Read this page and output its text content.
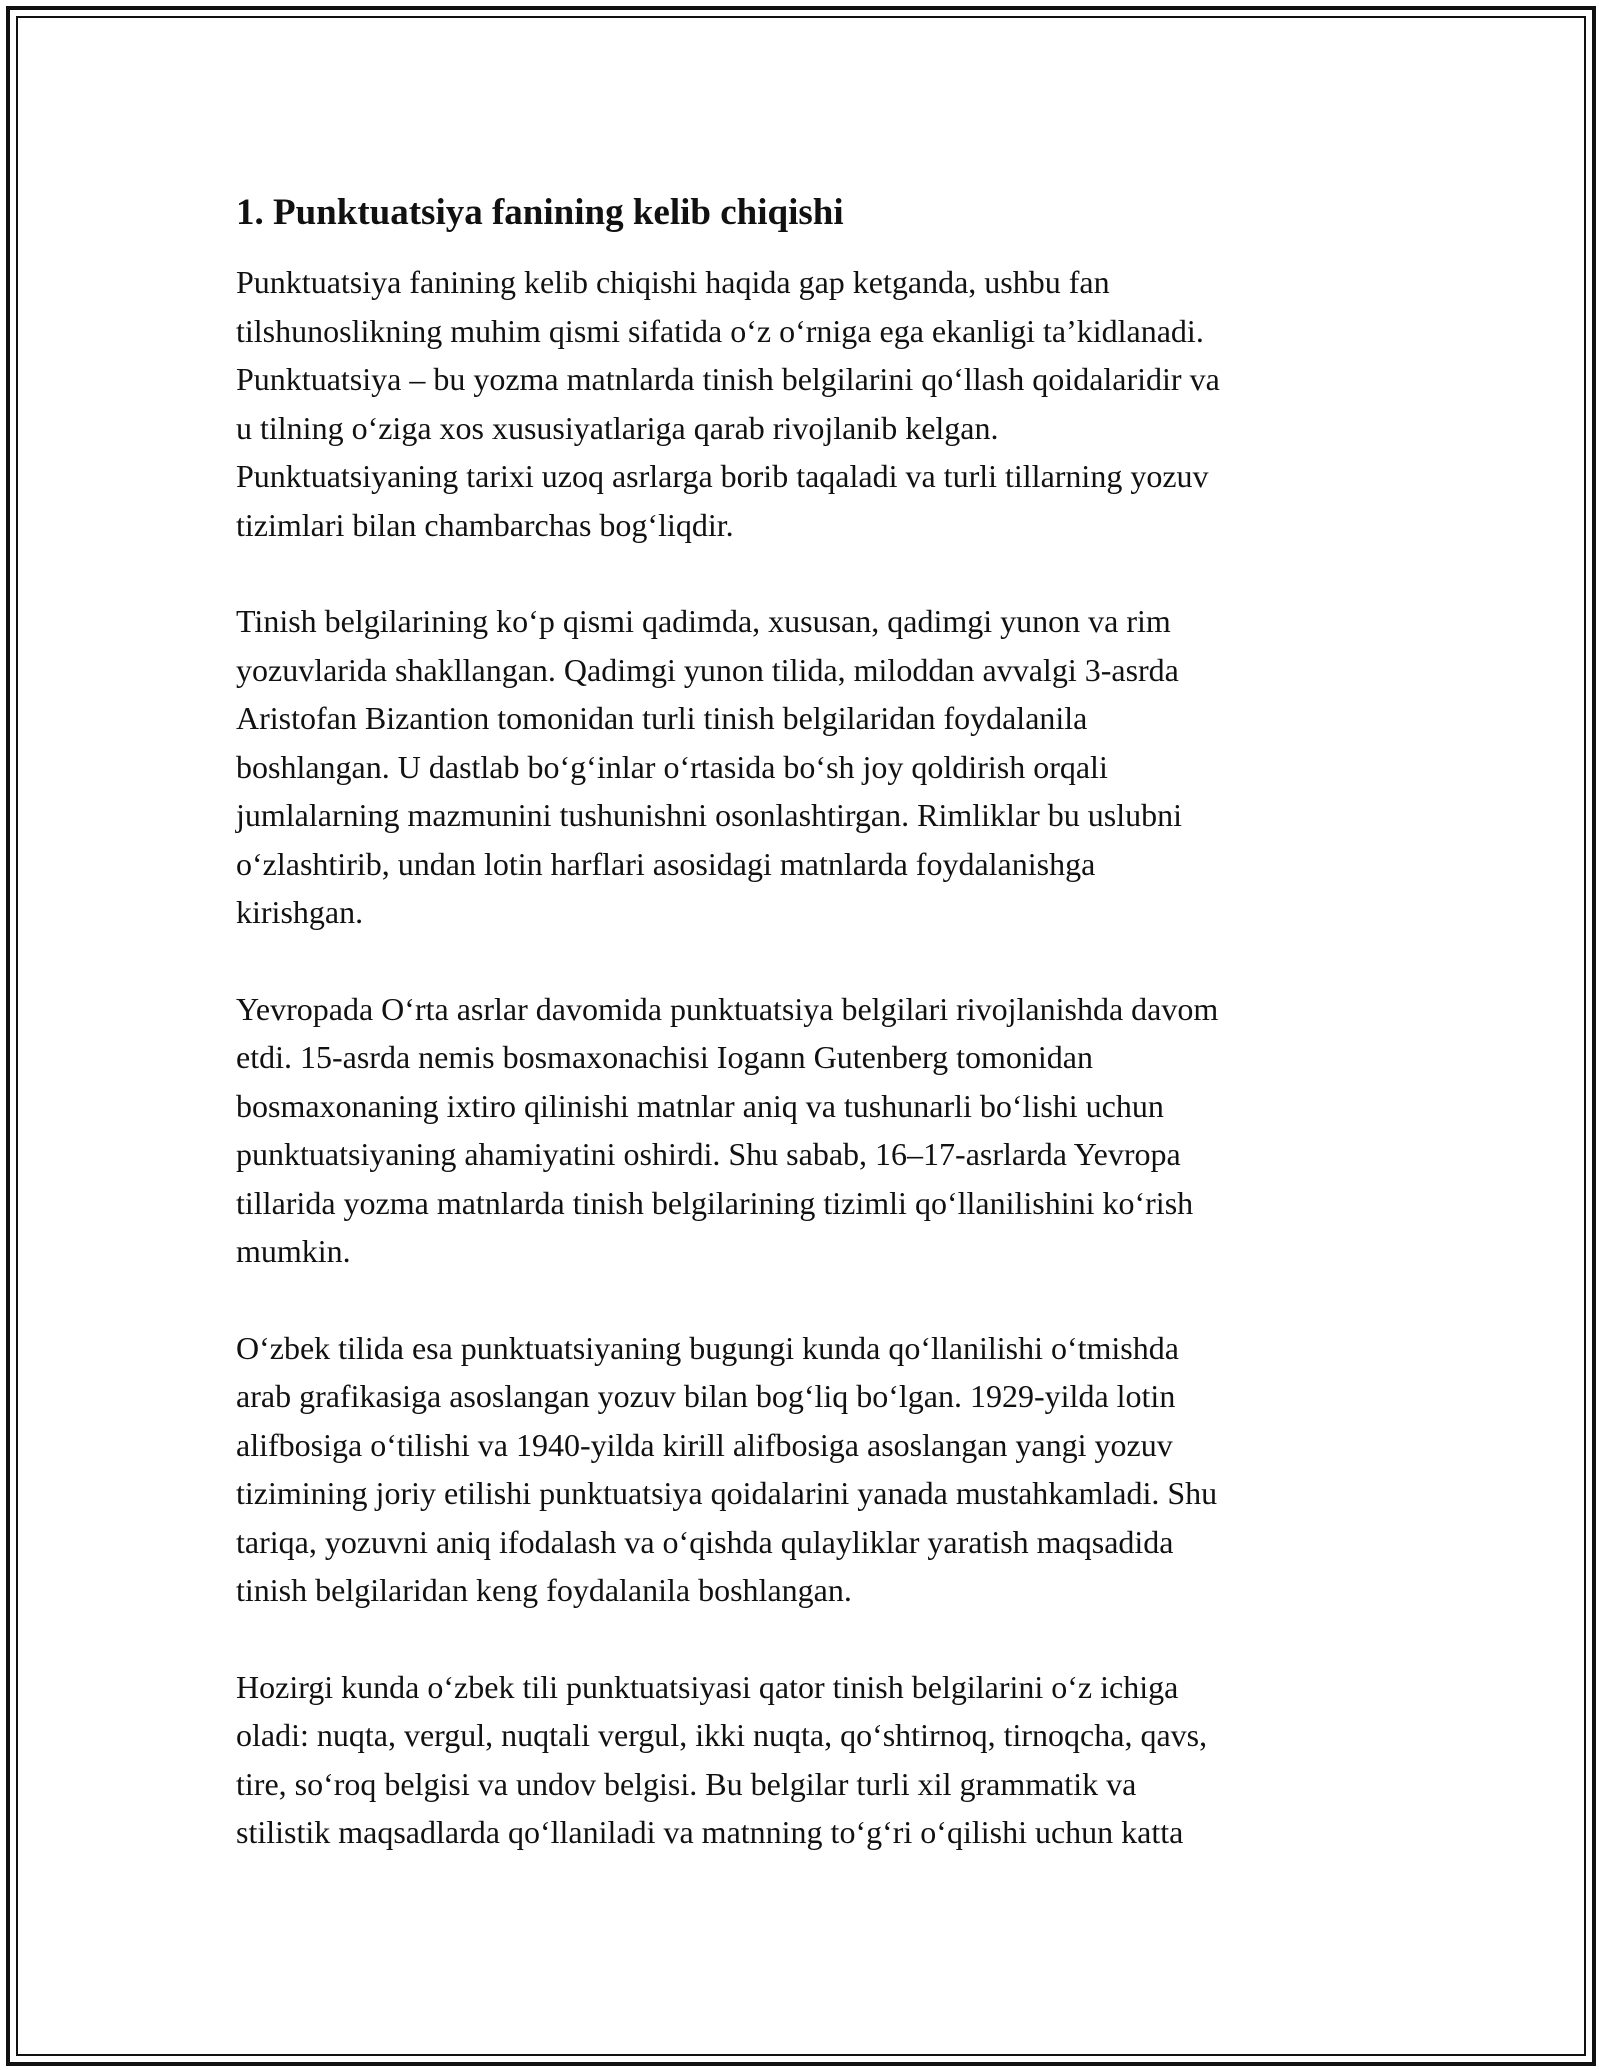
1. Punktuatsiya fanining kelib chiqishi
Punktuatsiya fanining kelib chiqishi haqida gap ketganda, ushbu fan
tilshunoslikning muhim qismi sifatida oʻz oʻrniga ega ekanligi taʼkidlanadi.
Punktuatsiya – bu yozma matnlarda tinish belgilarini qoʻllash qoidalaridir va
u tilning oʻziga xos xususiyatlariga qarab rivojlanib kelgan.
Punktuatsiyaning tarixi uzoq asrlarga borib taqaladi va turli tillarning yozuv
tizimlari bilan chambarchas bogʻliqdir.
Tinish belgilarining koʻp qismi qadimda, xususan, qadimgi yunon va rim
yozuvlarida shakllangan. Qadimgi yunon tilida, miloddan avvalgi 3-asrda
Aristofan Bizantion tomonidan turli tinish belgilaridan foydalanila
boshlangan. U dastlab boʻgʻinlar oʻrtasida boʻsh joy qoldirish orqali
jumlalarning mazmunini tushunishni osonlashtirgan. Rimliklar bu uslubni
oʻzlashtirib, undan lotin harflari asosidagi matnlarda foydalanishga
kirishgan.
Yevropada Oʻrta asrlar davomida punktuatsiya belgilari rivojlanishda davom
etdi. 15-asrda nemis bosmaxonachisi Iogann Gutenberg tomonidan
bosmaxonaning ixtiro qilinishi matnlar aniq va tushunarli boʻlishi uchun
punktuatsiyaning ahamiyatini oshirdi. Shu sabab, 16–17-asrlarda Yevropa
tillarida yozma matnlarda tinish belgilarining tizimli qoʻllanilishini koʻrish
mumkin.
Oʻzbek tilida esa punktuatsiyaning bugungi kunda qoʻllanilishi oʻtmishda
arab grafikasiga asoslangan yozuv bilan bogʻliq boʻlgan. 1929-yilda lotin
alifbosiga oʻtilishi va 1940-yilda kirill alifbosiga asoslangan yangi yozuv
tizimining joriy etilishi punktuatsiya qoidalarini yanada mustahkamladi. Shu
tariqa, yozuvni aniq ifodalash va oʻqishda qulayliklar yaratish maqsadida
tinish belgilaridan keng foydalanila boshlangan.
Hozirgi kunda oʻzbek tili punktuatsiyasi qator tinish belgilarini oʻz ichiga
oladi: nuqta, vergul, nuqtali vergul, ikki nuqta, qoʻshtirnoq, tirnoqcha, qavs,
tire, soʻroq belgisi va undov belgisi. Bu belgilar turli xil grammatik va
stilistik maqsadlarda qoʻllaniladi va matnning toʻgʻri oʻqilishi uchun katta
